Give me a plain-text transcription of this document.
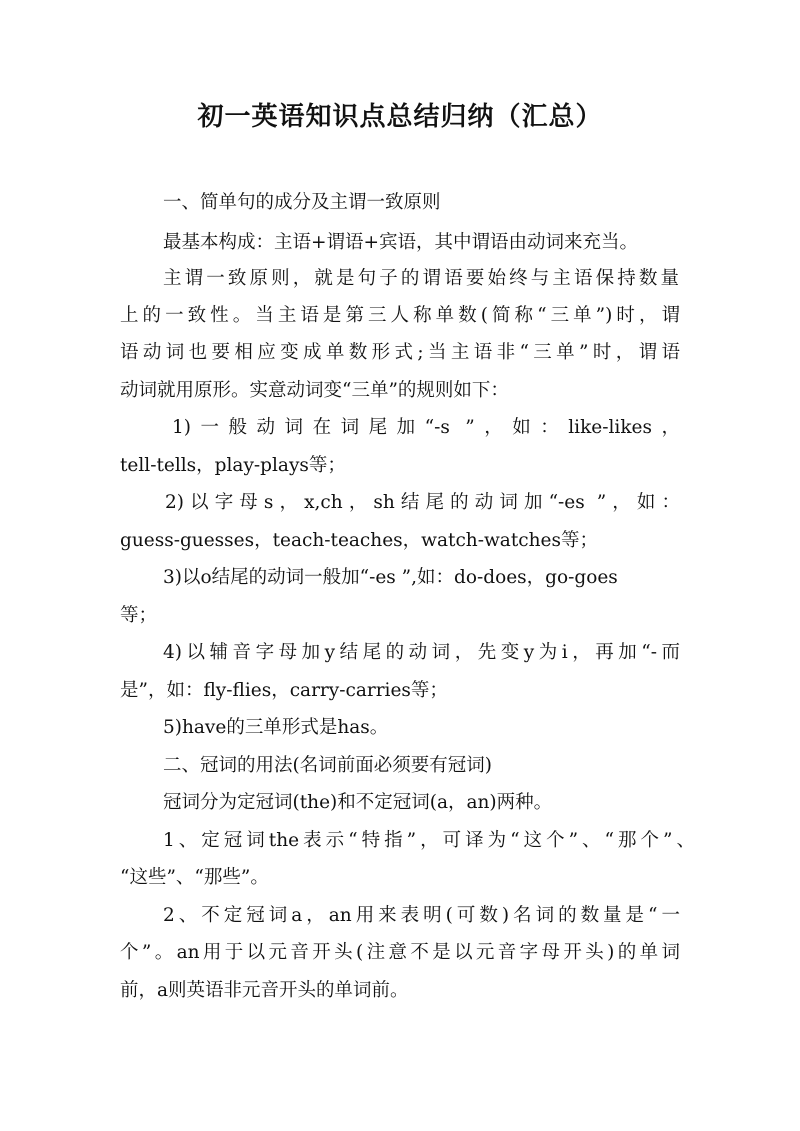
初一英语知识点总结归纳（汇总）

一、简单句的成分及主谓一致原则

最基本构成：主语+谓语+宾语，其中谓语由动词来充当。

主谓一致原则，就是句子的谓语要始终与主语保持数量

上的一致性。当主语是第三人称单数(简称“三单”)时，谓

语动词也要相应变成单数形式;当主语非“三单”时，谓语

动词就用原形。实意动词变“三单”的规则如下：

1)一般动词在词尾加“-s ”，如：like-likes，

tell-tells，play-plays等；

2)以字母s，x,ch，sh结尾的动词加“-es ”，如：

guess-guesses，teach-teaches，watch-watches等；

3)以o结尾的动词一般加“-es ”,如：do-does，go-goes

等；

4)以辅音字母加y结尾的动词，先变y为i，再加“-而

是”，如：fly-flies，carry-carries等；

5)have的三单形式是has。

二、冠词的用法(名词前面必须要有冠词)

冠词分为定冠词(the)和不定冠词(a，an)两种。

1、定冠词the表示“特指”，可译为“这个”、“那个”、

“这些”、“那些”。

2、不定冠词a，an用来表明(可数)名词的数量是“一

个”。an用于以元音开头(注意不是以元音字母开头)的单词

前，a则英语非元音开头的单词前。
